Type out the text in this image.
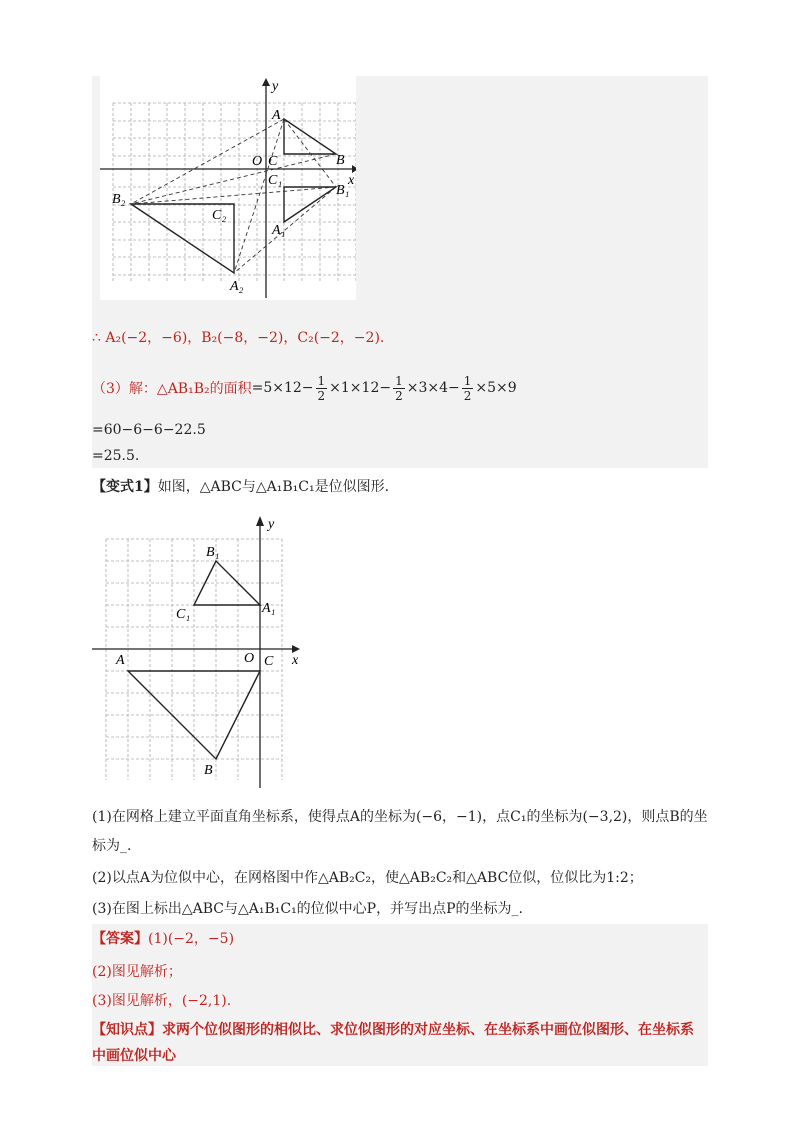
y
x
A
O C	B
C₁
B₁
A₁
B₂
C₂
A₂
∴ A₂(−2，−6)，B₂(−8，−2)，C₂(−2，−2).
（3）解： △AB₁B₂的面积 $=5\times 12- \frac{1}{2} \times 1\times 12- \frac{1}{2} \times 3\times 4- \frac{1}{2} \times 5\times 9$
=60−6−6−22.5
=25.5.
【变式1】如图，△ABC与△A₁B₁C₁是位似图形.
y
x
B₁
A₁
C₁
A	O C
B
(1)在网格上建立平面直角坐标系，使得点A的坐标为(−6，−1)，点C₁的坐标为(−3,2)，则点B的坐
标为_.
(2)以点A为位似中心，在网格图中作△AB₂C₂，使△AB₂C₂和△ABC位似，位似比为1:2；
(3)在图上标出△ABC与△A₁B₁C₁的位似中心P，并写出点P的坐标为_.
【答案】(1)(−2，−5)
(2)图见解析；
(3)图见解析，(−2,1).
【知识点】求两个位似图形的相似比、求位似图形的对应坐标、在坐标系中画位似图形、在坐标系
中画位似中心
